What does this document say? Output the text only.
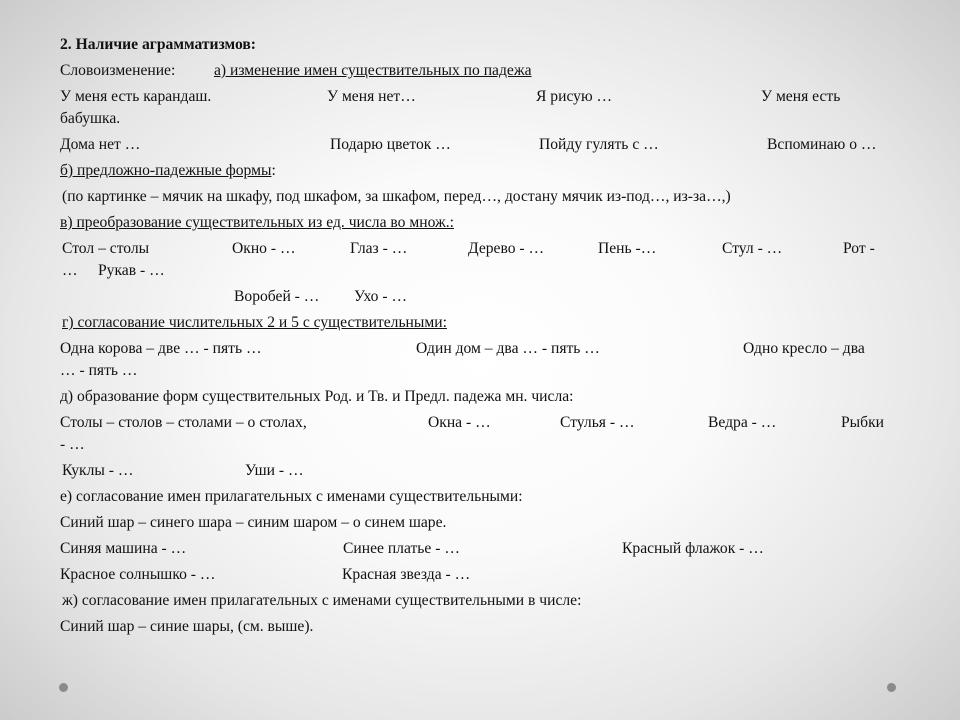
2. Наличие аграмматизмов:
Словоизменение: а) изменение имен существительных по падежа
У меня есть карандаш.	У меня нет…	Я рисую …	У меня есть
бабушка.
Дома нет …	Подарю цветок …	Пойду гулять с …	Вспоминаю о …
б) предложно-падежные формы:
(по картинке – мячик на шкафу, под шкафом, за шкафом, перед…, достану мячик из-под…, из-за…,)
в) преобразование существительных из ед. числа во множ.:
Стол – столы	Окно - …	Глаз - …	Дерево - …	Пень -…	Стул - …	Рот -
… Рукав - …
Воробей - … Ухо - …
г) согласование числительных 2 и 5 с существительными:
Одна корова – две … - пять …	Один дом – два … - пять …	Одно кресло – два
… - пять …
д) образование форм существительных Род. и Тв. и Предл. падежа мн. числа:
Столы – столов – столами – о столах,	Окна - …	Стулья - …	Ведра - …	Рыбки
- …
Куклы - …	Уши - …
е) согласование имен прилагательных с именами существительными:
Синий шар – синего шара – синим шаром – о синем шаре.
Синяя машина - …	Синее платье - …	Красный флажок - …
Красное солнышко - …	Красная звезда - …
ж) согласование имен прилагательных с именами существительными в числе:
Синий шар – синие шары, (см. выше).
